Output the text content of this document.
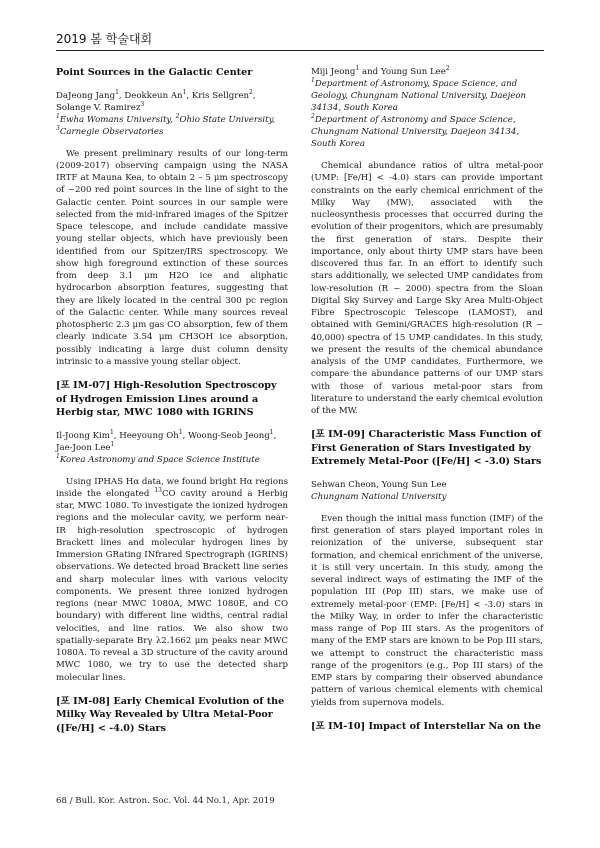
2019 봄 학술대회
Point Sources in the Galactic Center

DaJeong Jang$^1$, Deokkeun An$^1$, Kris Sellgren$^2$, Solange V. Ramirez$^3$

$^1$Ewha Womans University, $^2$Ohio State University, $^3$Carnegie Observatories

We present preliminary results of our long-term (2009-2017) observing campaign using the NASA IRTF at Mauna Kea, to obtain 2 – 5 μm spectroscopy of ~200 red point sources in the line of sight to the Galactic center. Point sources in our sample were selected from the mid-infrared images of the Spitzer Space telescope, and include candidate massive young stellar objects, which have previously been identified from our Spitzer/IRS spectroscopy. We show high foreground extinction of these sources from deep 3.1 μm H2O ice and aliphatic hydrocarbon absorption features, suggesting that they are likely located in the central 300 pc region of the Galactic center. While many sources reveal photospheric 2.3 μm gas CO absorption, few of them clearly indicate 3.54 μm CH3OH ice absorption, possibly indicating a large dust column density intrinsic to a massive young stellar object.

[포 IM-07] High-Resolution Spectroscopy of Hydrogen Emission Lines around a Herbig star, MWC 1080 with IGRINS

Il-Joong Kim$^1$, Heeyoung Oh$^1$, Woong-Seob Jeong$^1$, Jae-Joon Lee$^1$

$^1$Korea Astronomy and Space Science Institute

Using IPHAS Hα data, we found bright Hα regions inside the elongated $^{13}$CO cavity around a Herbig star, MWC 1080. To investigate the ionized hydrogen regions and the molecular cavity, we perform near-IR high-resolution spectroscopic of hydrogen Brackett lines and molecular hydrogen lines by Immersion GRating INfrared Spectrograph (IGRINS) observations. We detected broad Brackett line series and sharp molecular lines with various velocity components. We present three ionized hydrogen regions (near MWC 1080A, MWC 1080E, and CO boundary) with different line widths, central radial velocities, and line ratios. We also show two spatially-separate Brγ λ2.1662 μm peaks near MWC 1080A. To reveal a 3D structure of the cavity around MWC 1080, we try to use the detected sharp molecular lines.

[포 IM-08] Early Chemical Evolution of the Milky Way Revealed by Ultra Metal-Poor ([Fe/H] < -4.0) Stars

Miji Jeong$^1$ and Young Sun Lee$^2$

$^1$Department of Astronomy, Space Science, and Geology, Chungnam National University, Daejeon 34134, South Korea
$^2$Department of Astronomy and Space Science, Chungnam National University, Daejeon 34134, South Korea

Chemical abundance ratios of ultra metal-poor (UMP: [Fe/H] < -4.0) stars can provide important constraints on the early chemical enrichment of the Milky Way (MW), associated with the nucleosynthesis processes that occurred during the evolution of their progenitors, which are presumably the first generation of stars. Despite their importance, only about thirty UMP stars have been discovered thus far. In an effort to identify such stars additionally, we selected UMP candidates from low-resolution (R ~ 2000) spectra from the Sloan Digital Sky Survey and Large Sky Area Multi-Object Fibre Spectroscopic Telescope (LAMOST), and obtained with Gemini/GRACES high-resolution (R ~ 40,000) spectra of 15 UMP candidates. In this study, we present the results of the chemical abundance analysis of the UMP candidates. Furthermore, we compare the abundance patterns of our UMP stars with those of various metal-poor stars from literature to understand the early chemical evolution of the MW.

[포 IM-09] Characteristic Mass Function of First Generation of Stars Investigated by Extremely Metal-Poor ([Fe/H] < -3.0) Stars

Sehwan Cheon, Young Sun Lee

Chungnam National University

Even though the initial mass function (IMF) of the first generation of stars played important roles in reionization of the universe, subsequent star formation, and chemical enrichment of the universe, it is still very uncertain. In this study, among the several indirect ways of estimating the IMF of the population III (Pop III) stars, we make use of extremely metal-poor (EMP: [Fe/H] < -3.0) stars in the Milky Way, in order to infer the characteristic mass range of Pop III stars. As the progenitors of many of the EMP stars are known to be Pop III stars, we attempt to construct the characteristic mass range of the progenitors (e.g., Pop III stars) of the EMP stars by comparing their observed abundance pattern of various chemical elements with chemical yields from supernova models.

[포 IM-10] Impact of Interstellar Na on the
68 / Bull. Kor. Astron. Soc. Vol. 44 No.1, Apr. 2019
